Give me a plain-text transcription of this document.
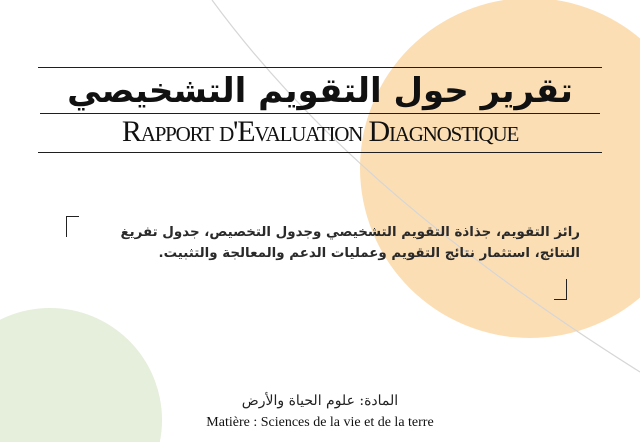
تقرير حول التقويم التشخيصي
Rapport d'Evaluation Diagnostique
رائز التقويم، جذاذة التقويم التشخيصي وجدول التخصيص، جدول تفريغ النتائج، استثمار نتائج التقويم وعمليات الدعم والمعالجة والتثبيت.
المادة: علوم الحياة والأرض
Matière : Sciences de la vie et de la terre
